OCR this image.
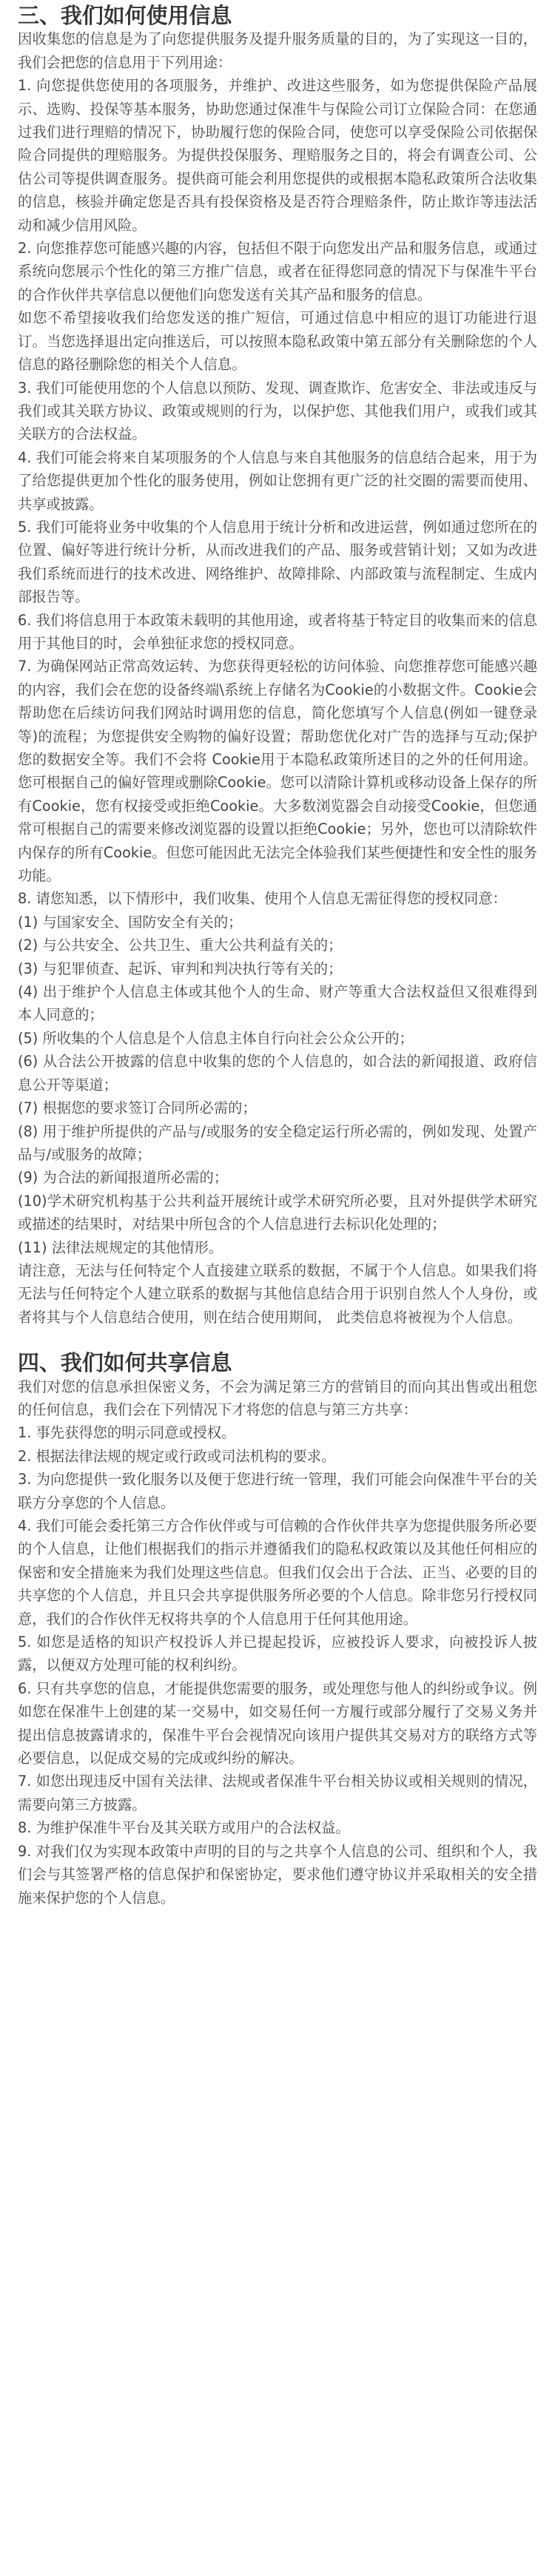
三、我们如何使用信息

因收集您的信息是为了向您提供服务及提升服务质量的目的，为了实现这一目的，我们会把您的信息用于下列用途：

1. 向您提供您使用的各项服务，并维护、改进这些服务，如为您提供保险产品展示、选购、投保等基本服务，协助您通过保准牛与保险公司订立保险合同：在您通过我们进行理赔的情况下，协助履行您的保险合同，使您可以享受保险公司依据保险合同提供的理赔服务。为提供投保服务、理赔服务之目的，将会有调查公司、公估公司等提供调查服务。提供商可能会利用您提供的或根据本隐私政策所合法收集的信息，核验并确定您是否具有投保资格及是否符合理赔条件，防止欺诈等违法活动和减少信用风险。

2. 向您推荐您可能感兴趣的内容，包括但不限于向您发出产品和服务信息，或通过系统向您展示个性化的第三方推广信息，或者在征得您同意的情况下与保准牛平台的合作伙伴共享信息以便他们向您发送有关其产品和服务的信息。

如您不希望接收我们给您发送的推广短信，可通过信息中相应的退订功能进行退订。当您选择退出定向推送后，可以按照本隐私政策中第五部分有关删除您的个人信息的路径删除您的相关个人信息。

3. 我们可能使用您的个人信息以预防、发现、调查欺诈、危害安全、非法或违反与我们或其关联方协议、政策或规则的行为，以保护您、其他我们用户，或我们或其关联方的合法权益。

4. 我们可能会将来自某项服务的个人信息与来自其他服务的信息结合起来，用于为了给您提供更加个性化的服务使用，例如让您拥有更广泛的社交圈的需要而使用、共享或披露。

5. 我们可能将业务中收集的个人信息用于统计分析和改进运营，例如通过您所在的位置、偏好等进行统计分析，从而改进我们的产品、服务或营销计划；又如为改进我们系统而进行的技术改进、网络维护、故障排除、内部政策与流程制定、生成内部报告等。

6. 我们将信息用于本政策未载明的其他用途，或者将基于特定目的收集而来的信息用于其他目的时，会单独征求您的授权同意。

7. 为确保网站正常高效运转、为您获得更轻松的访问体验、向您推荐您可能感兴趣的内容，我们会在您的设备终端\系统上存储名为Cookie的小数据文件。Cookie会帮助您在后续访问我们网站时调用您的信息，简化您填写个人信息(例如一键登录等)的流程；为您提供安全购物的偏好设置；帮助您优化对广告的选择与互动;保护您的数据安全等。我们不会将 Cookie用于本隐私政策所述目的之外的任何用途。您可根据自己的偏好管理或删除Cookie。您可以清除计算机或移动设备上保存的所有Cookie，您有权接受或拒绝Cookie。大多数浏览器会自动接受Cookie，但您通常可根据自己的需要来修改浏览器的设置以拒绝Cookie；另外，您也可以清除软件内保存的所有Cookie。但您可能因此无法完全体验我们某些便捷性和安全性的服务功能。

8. 请您知悉，以下情形中，我们收集、使用个人信息无需征得您的授权同意：

(1) 与国家安全、国防安全有关的；

(2) 与公共安全、公共卫生、重大公共利益有关的；

(3) 与犯罪侦查、起诉、审判和判决执行等有关的；

(4) 出于维护个人信息主体或其他个人的生命、财产等重大合法权益但又很难得到本人同意的；

(5) 所收集的个人信息是个人信息主体自行向社会公众公开的；

(6) 从合法公开披露的信息中收集的您的个人信息的，如合法的新闻报道、政府信息公开等渠道；

(7) 根据您的要求签订合同所必需的；

(8) 用于维护所提供的产品与/或服务的安全稳定运行所必需的，例如发现、处置产品与/或服务的故障；

(9) 为合法的新闻报道所必需的；

(10)学术研究机构基于公共利益开展统计或学术研究所必要，且对外提供学术研究或描述的结果时，对结果中所包含的个人信息进行去标识化处理的；

(11) 法律法规规定的其他情形。

请注意，无法与任何特定个人直接建立联系的数据，不属于个人信息。如果我们将无法与任何特定个人建立联系的数据与其他信息结合用于识别自然人个人身份，或者将其与个人信息结合使用，则在结合使用期间， 此类信息将被视为个人信息。

四、我们如何共享信息

我们对您的信息承担保密义务，不会为满足第三方的营销目的而向其出售或出租您的任何信息，我们会在下列情况下才将您的信息与第三方共享：

1. 事先获得您的明示同意或授权。

2. 根据法律法规的规定或行政或司法机构的要求。

3. 为向您提供一致化服务以及便于您进行统一管理，我们可能会向保准牛平台的关联方分享您的个人信息。

4. 我们可能会委托第三方合作伙伴或与可信赖的合作伙伴共享为您提供服务所必要的个人信息，让他们根据我们的指示并遵循我们的隐私权政策以及其他任何相应的保密和安全措施来为我们处理这些信息。但我们仅会出于合法、正当、必要的目的共享您的个人信息，并且只会共享提供服务所必要的个人信息。除非您另行授权同意，我们的合作伙伴无权将共享的个人信息用于任何其他用途。

5. 如您是适格的知识产权投诉人并已提起投诉，应被投诉人要求，向被投诉人披露，以便双方处理可能的权利纠纷。

6. 只有共享您的信息，才能提供您需要的服务，或处理您与他人的纠纷或争议。例如您在保准牛上创建的某一交易中，如交易任何一方履行或部分履行了交易义务并提出信息披露请求的，保准牛平台会视情况向该用户提供其交易对方的联络方式等必要信息，以促成交易的完成或纠纷的解决。

7. 如您出现违反中国有关法律、法规或者保准牛平台相关协议或相关规则的情况，需要向第三方披露。

8. 为维护保准牛平台及其关联方或用户的合法权益。

9. 对我们仅为实现本政策中声明的目的与之共享个人信息的公司、组织和个人，我们会与其签署严格的信息保护和保密协定，要求他们遵守协议并采取相关的安全措施来保护您的个人信息。
